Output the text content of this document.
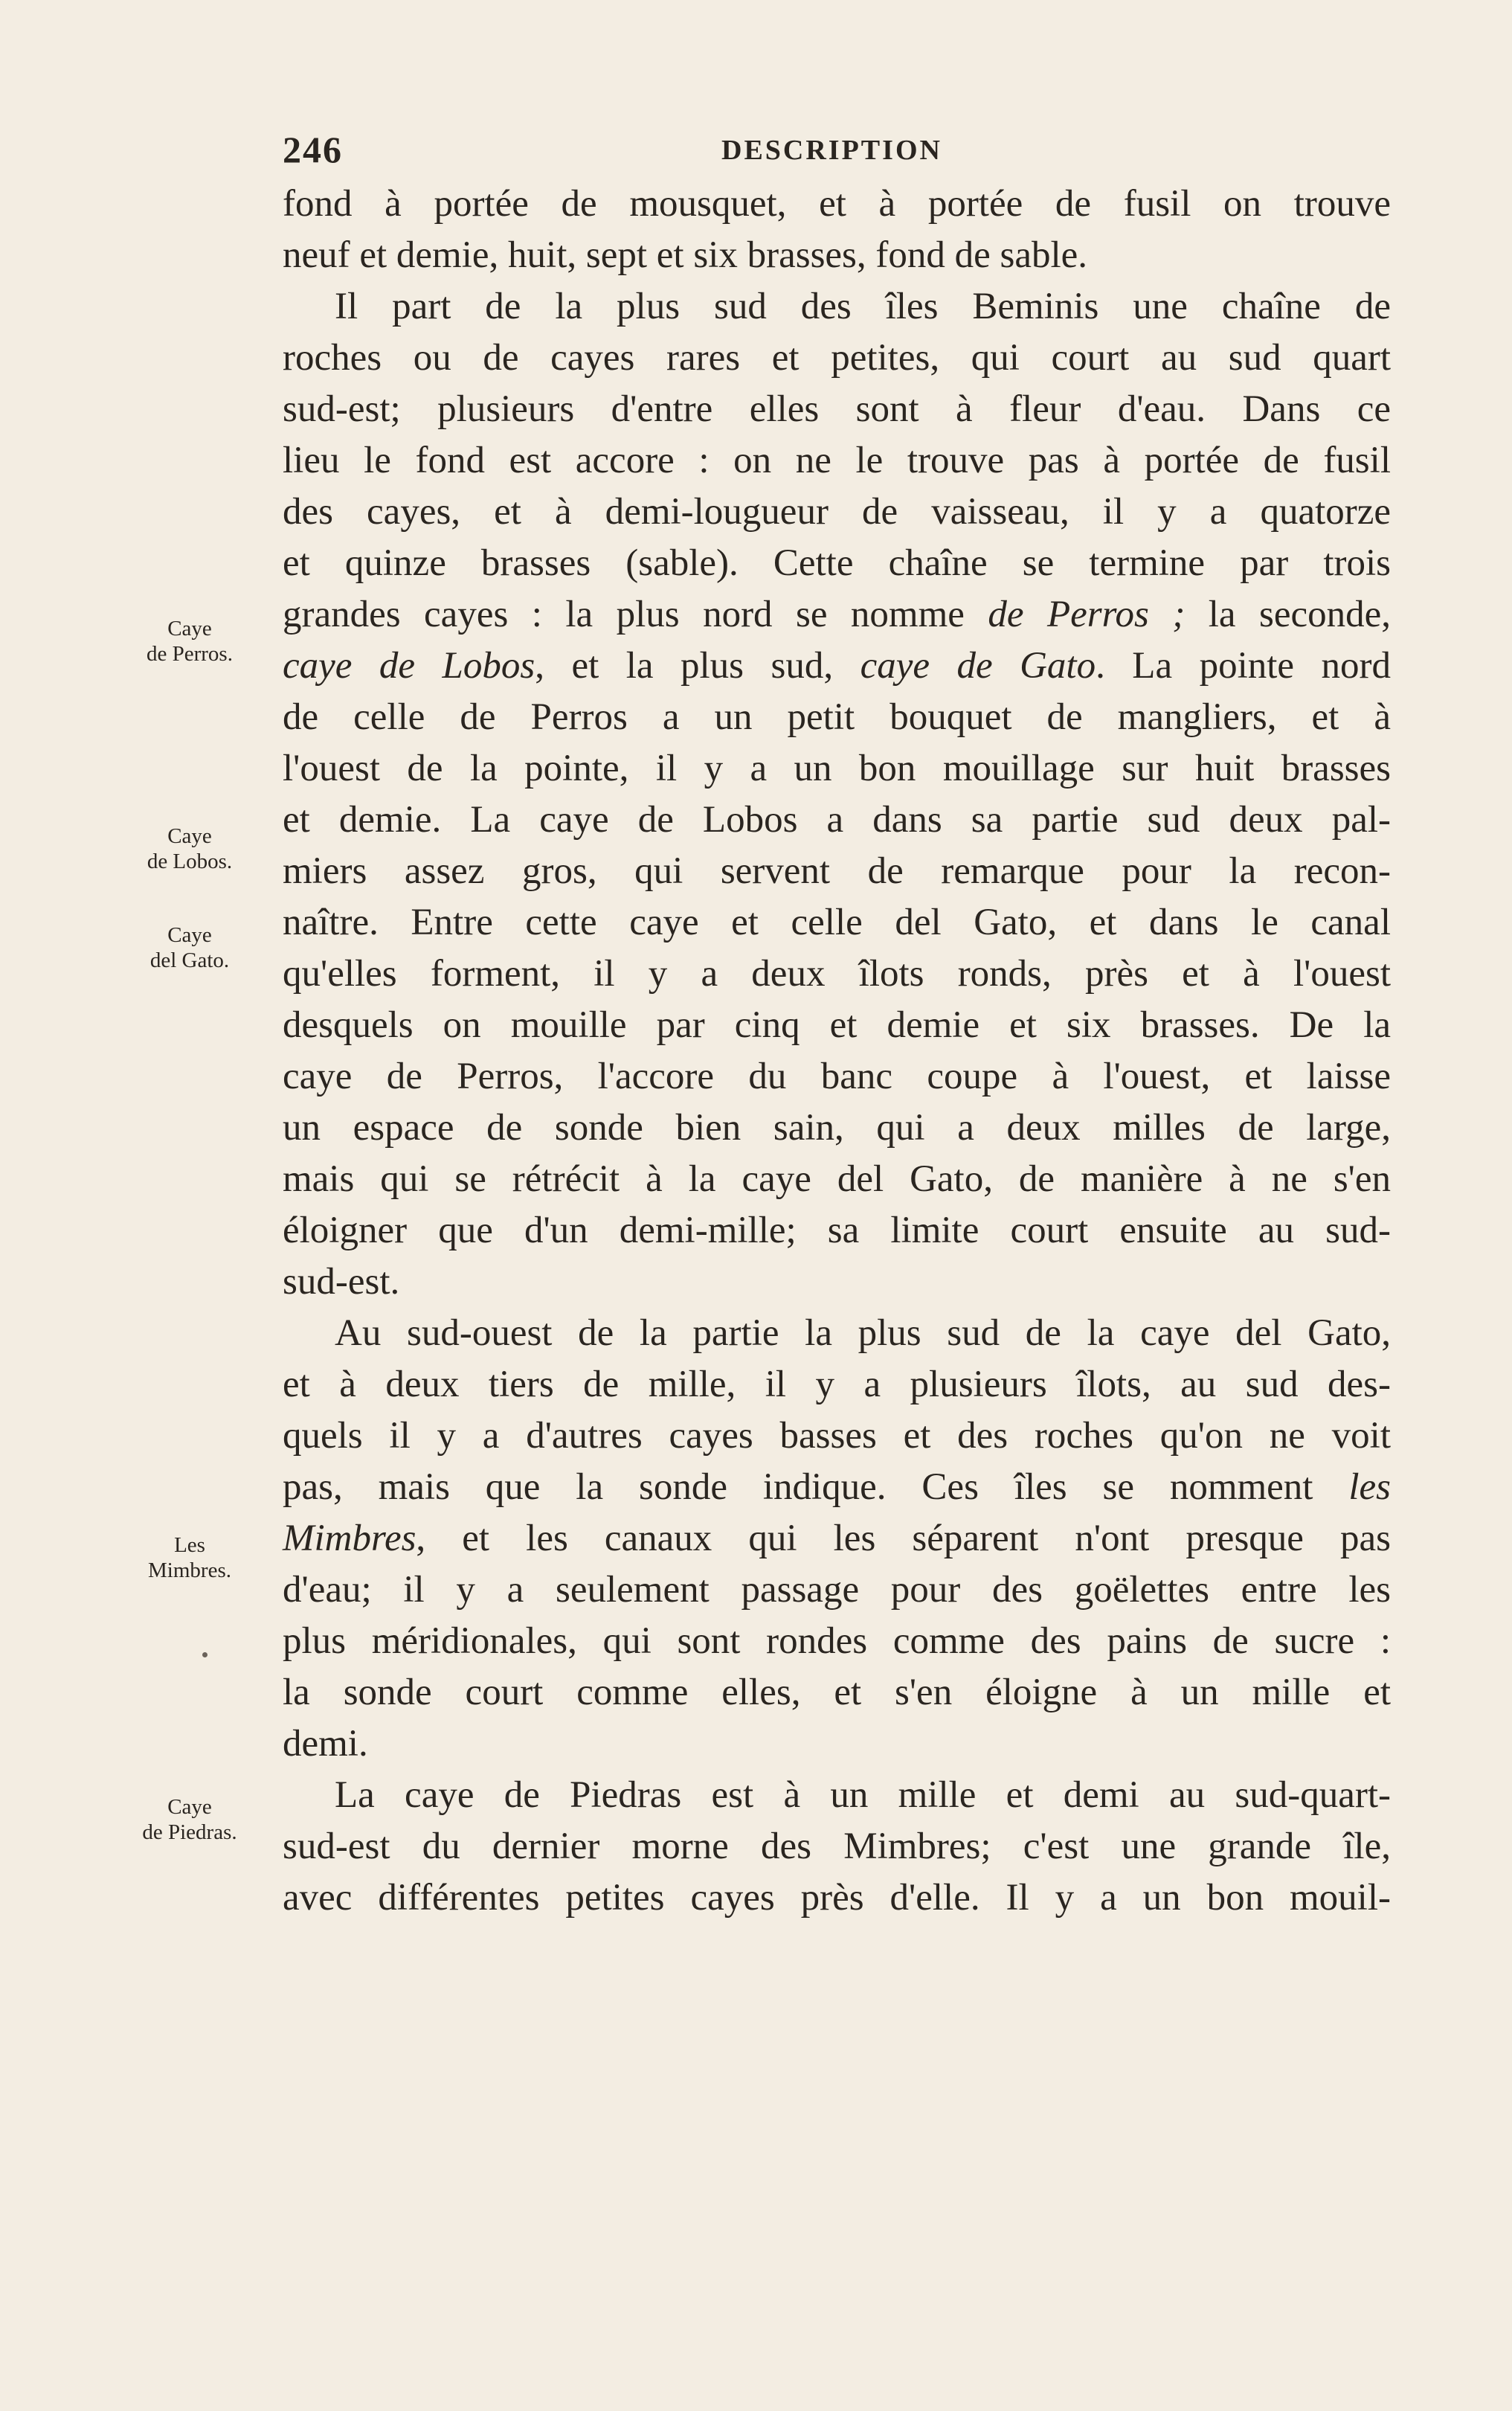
246	DESCRIPTION
Caye
de Perros.
Caye
de Lobos.
Caye
del Gato.
Les
Mimbres.
Caye
de Piedras.
fond à portée de mousquet, et à portée de fusil on trouve
neuf et demie, huit, sept et six brasses, fond de sable.
Il part de la plus sud des îles Beminis une chaîne de
roches ou de cayes rares et petites, qui court au sud quart
sud-est; plusieurs d'entre elles sont à fleur d'eau. Dans ce
lieu le fond est accore : on ne le trouve pas à portée de fusil
des cayes, et à demi-lougueur de vaisseau, il y a quatorze
et quinze brasses (sable). Cette chaîne se termine par trois
grandes cayes : la plus nord se nomme de Perros ; la seconde,
caye de Lobos, et la plus sud, caye de Gato. La pointe nord
de celle de Perros a un petit bouquet de mangliers, et à
l'ouest de la pointe, il y a un bon mouillage sur huit brasses
et demie. La caye de Lobos a dans sa partie sud deux pal-
miers assez gros, qui servent de remarque pour la recon-
naître. Entre cette caye et celle del Gato, et dans le canal
qu'elles forment, il y a deux îlots ronds, près et à l'ouest
desquels on mouille par cinq et demie et six brasses. De la
caye de Perros, l'accore du banc coupe à l'ouest, et laisse
un espace de sonde bien sain, qui a deux milles de large,
mais qui se rétrécit à la caye del Gato, de manière à ne s'en
éloigner que d'un demi-mille; sa limite court ensuite au sud-
sud-est.
Au sud-ouest de la partie la plus sud de la caye del Gato,
et à deux tiers de mille, il y a plusieurs îlots, au sud des-
quels il y a d'autres cayes basses et des roches qu'on ne voit
pas, mais que la sonde indique. Ces îles se nomment les
Mimbres, et les canaux qui les séparent n'ont presque pas
d'eau; il y a seulement passage pour des goëlettes entre les
plus méridionales, qui sont rondes comme des pains de sucre :
la sonde court comme elles, et s'en éloigne à un mille et
demi.
La caye de Piedras est à un mille et demi au sud-quart-
sud-est du dernier morne des Mimbres; c'est une grande île,
avec différentes petites cayes près d'elle. Il y a un bon mouil-
